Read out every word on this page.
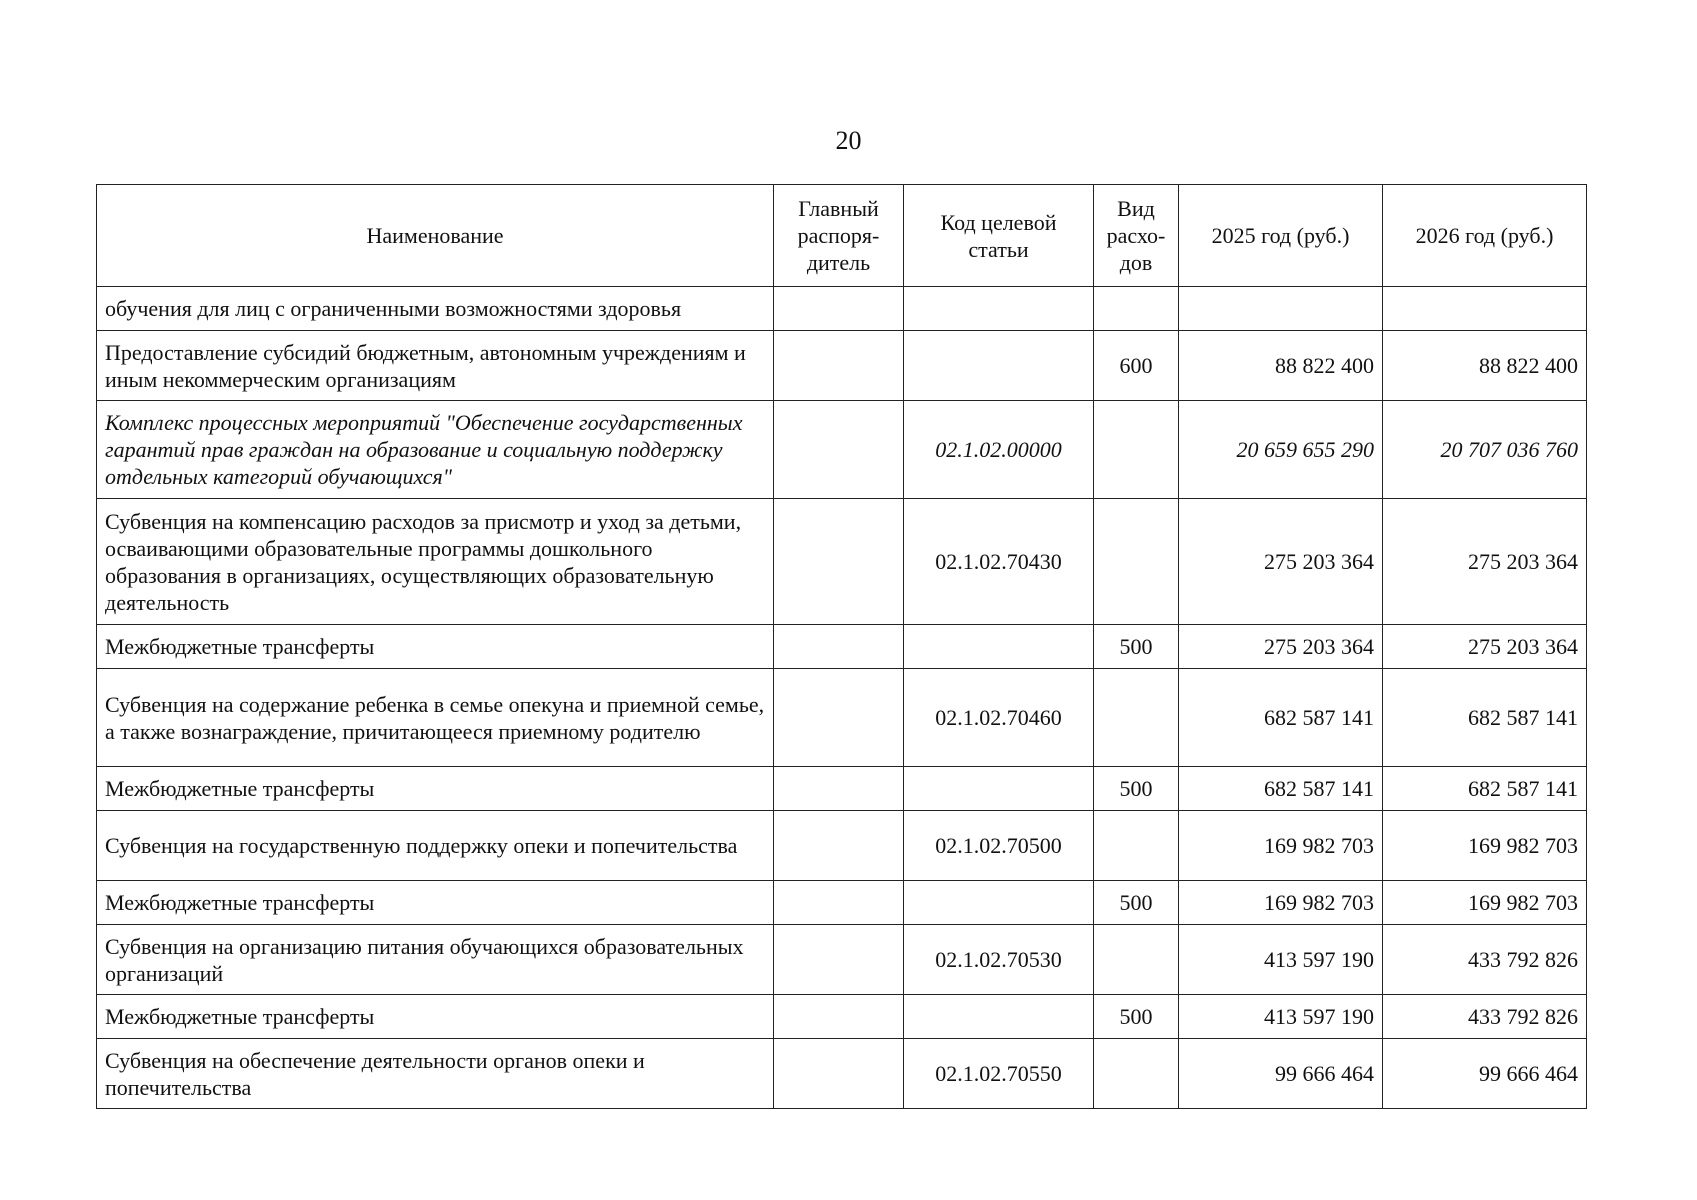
20
Наименование	Главный распоря-дитель	Код целевой статьи	Вид расхо-дов	2025 год (руб.)	2026 год (руб.)
обучения для лиц с ограниченными возможностями здоровья					
Предоставление субсидий бюджетным, автономным учреждениям и иным некоммерческим организациям			600	88 822 400	88 822 400
Комплекс процессных мероприятий "Обеспечение государственных гарантий прав граждан на образование и социальную поддержку отдельных категорий обучающихся"		02.1.02.00000		20 659 655 290	20 707 036 760
Субвенция на компенсацию расходов за присмотр и уход за детьми, осваивающими образовательные программы дошкольного образования в организациях, осуществляющих образовательную деятельность		02.1.02.70430		275 203 364	275 203 364
Межбюджетные трансферты			500	275 203 364	275 203 364
Субвенция на содержание ребенка в семье опекуна и приемной семье, а также вознаграждение, причитающееся приемному родителю		02.1.02.70460		682 587 141	682 587 141
Межбюджетные трансферты			500	682 587 141	682 587 141
Субвенция на государственную поддержку опеки и попечительства		02.1.02.70500		169 982 703	169 982 703
Межбюджетные трансферты			500	169 982 703	169 982 703
Субвенция на организацию питания обучающихся образовательных организаций		02.1.02.70530		413 597 190	433 792 826
Межбюджетные трансферты			500	413 597 190	433 792 826
Субвенция на обеспечение деятельности органов опеки и попечительства		02.1.02.70550		99 666 464	99 666 464
